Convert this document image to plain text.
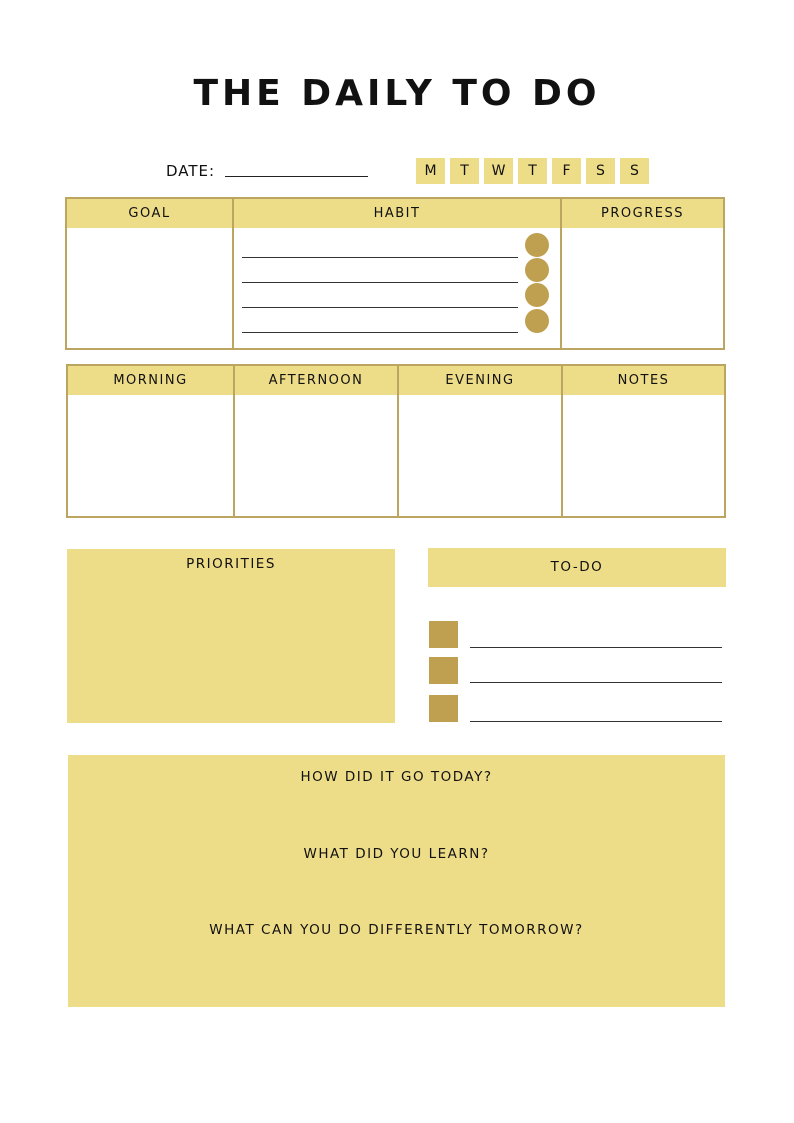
THE DAILY TO DO
DATE:	M	T	W	T	F	S	S
GOAL	HABIT	PROGRESS
MORNING	AFTERNOON	EVENING	NOTES
PRIORITIES	TO-DO
HOW DID IT GO TODAY?
WHAT DID YOU LEARN?
WHAT CAN YOU DO DIFFERENTLY TOMORROW?
